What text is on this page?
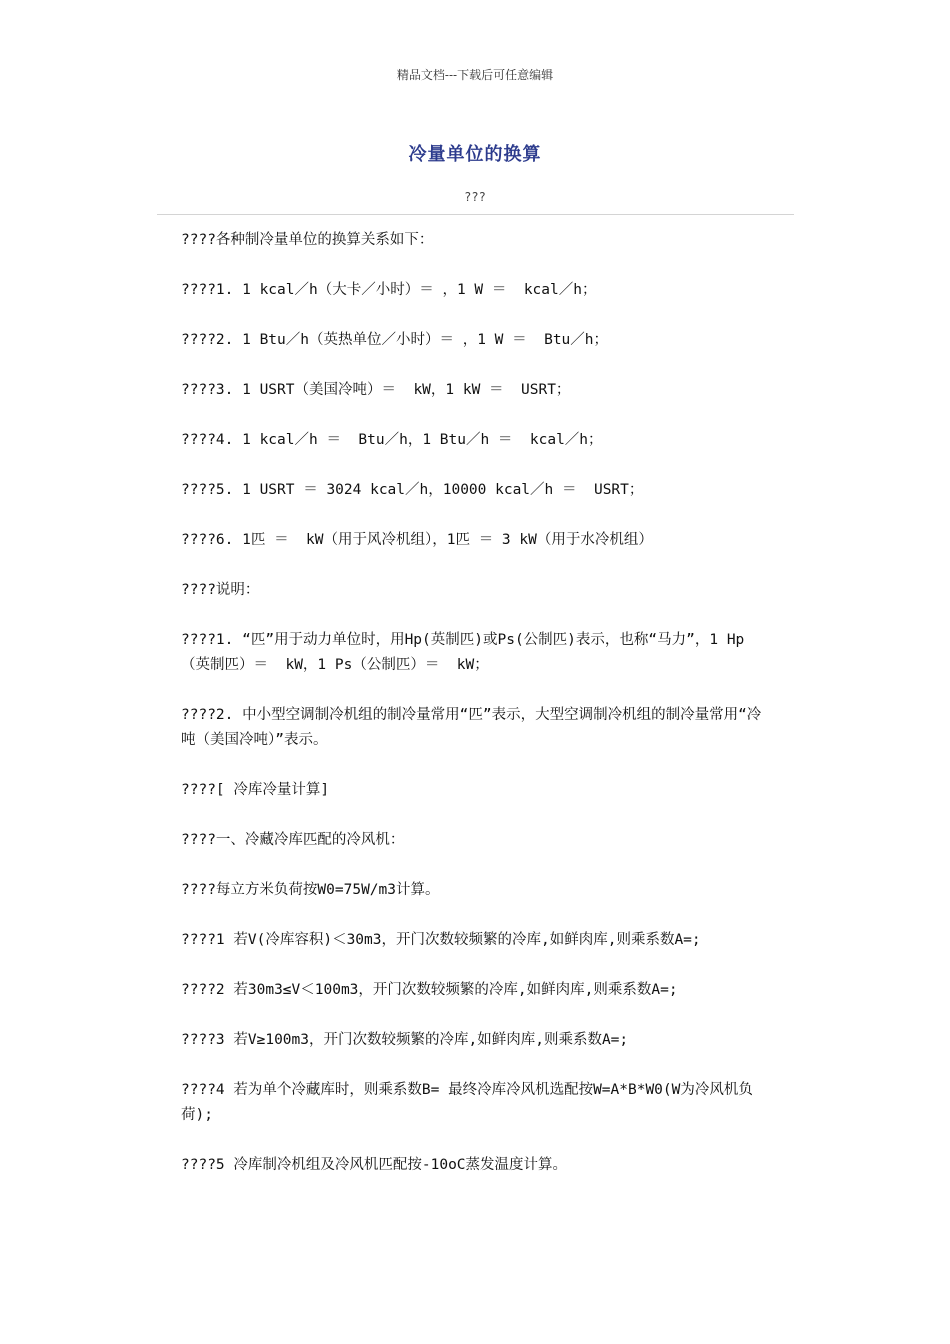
精品文档---下载后可任意编辑
冷量单位的换算
???

????各种制冷量单位的换算关系如下：

????1. 1 kcal／h（大卡／小时）＝ ，1 W ＝  kcal／h；

????2. 1 Btu／h（英热单位／小时）＝ ，1 W ＝  Btu／h；

????3. 1 USRT（美国冷吨）＝  kW，1 kW ＝  USRT；

????4. 1 kcal／h ＝  Btu／h，1 Btu／h ＝  kcal／h；

????5. 1 USRT ＝ 3024 kcal／h，10000 kcal／h ＝  USRT；

????6. 1匹 ＝  kW（用于风冷机组），1匹 ＝ 3 kW（用于水冷机组）

????说明：

????1. “匹”用于动力单位时，用Hp(英制匹)或Ps(公制匹)表示，也称“马力”，1 Hp（英制匹）＝  kW，1 Ps（公制匹）＝  kW；

????2. 中小型空调制冷机组的制冷量常用“匹”表示，大型空调制冷机组的制冷量常用“冷吨（美国冷吨）”表示。

????[ 冷库冷量计算]

????一、冷藏冷库匹配的冷风机：

????每立方米负荷按W0=75W/m3计算。

????1 若V(冷库容积)＜30m3，开门次数较频繁的冷库,如鲜肉库,则乘系数A=;

????2 若30m3≤V＜100m3，开门次数较频繁的冷库,如鲜肉库,则乘系数A=;

????3 若V≥100m3，开门次数较频繁的冷库,如鲜肉库,则乘系数A=;

????4 若为单个冷藏库时，则乘系数B= 最终冷库冷风机选配按W=A*B*W0(W为冷风机负荷);

????5 冷库制冷机组及冷风机匹配按-10oC蒸发温度计算。
